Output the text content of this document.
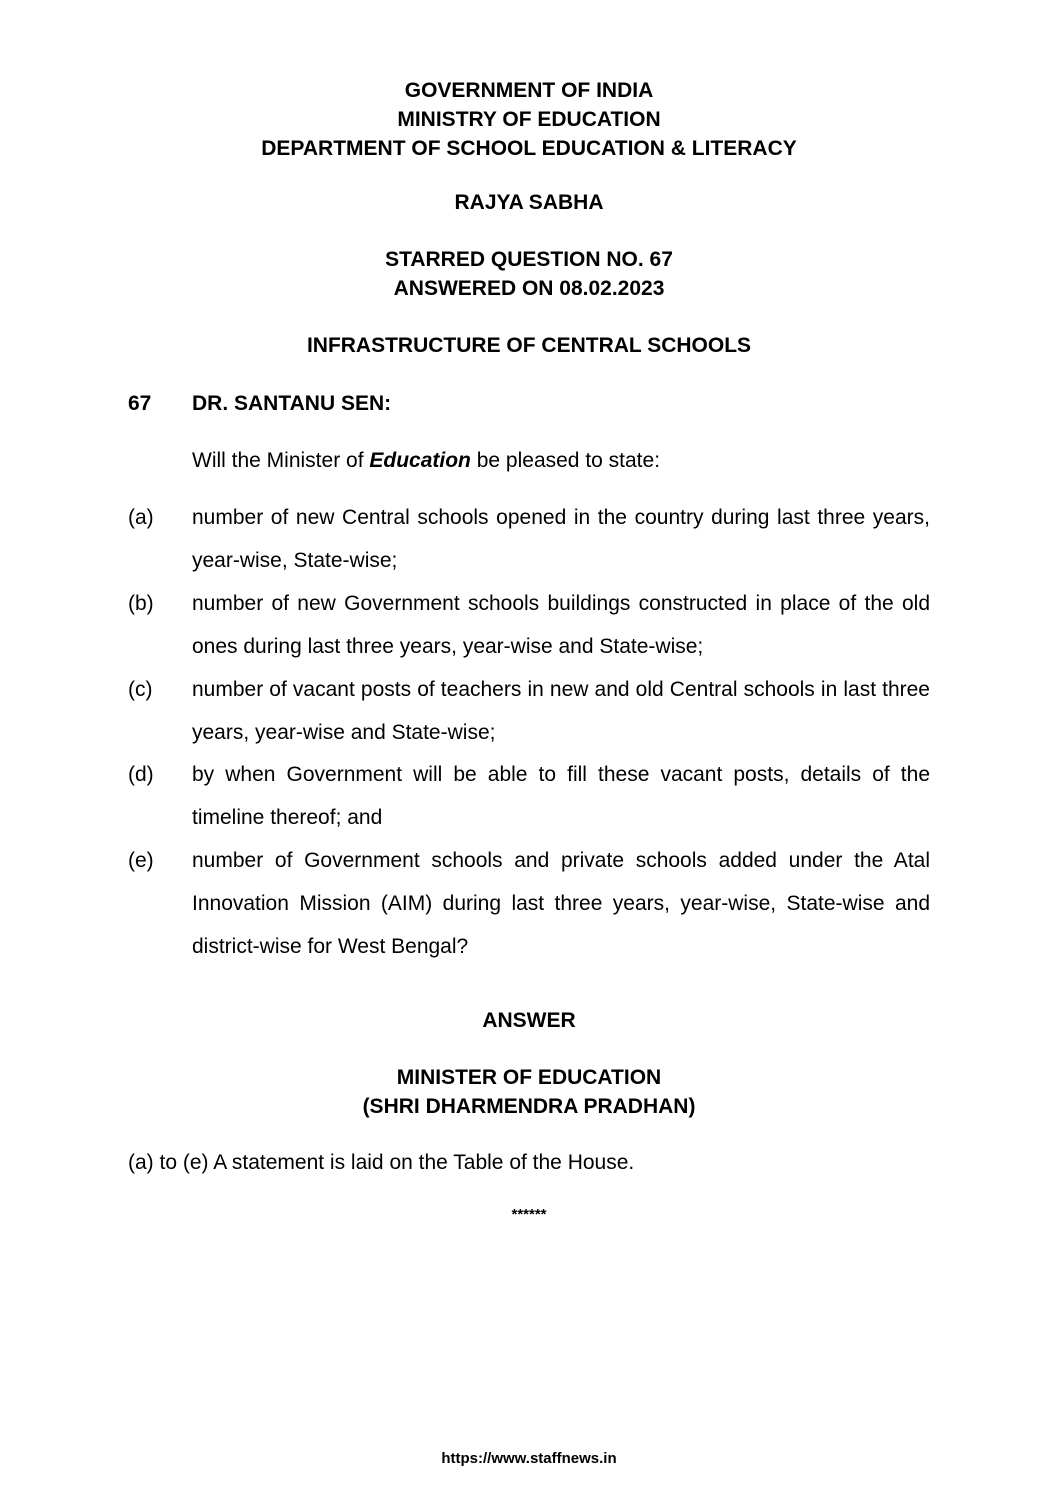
GOVERNMENT OF INDIA
MINISTRY OF EDUCATION
DEPARTMENT OF SCHOOL EDUCATION & LITERACY
RAJYA SABHA
STARRED QUESTION NO. 67
ANSWERED ON 08.02.2023
INFRASTRUCTURE OF CENTRAL SCHOOLS
67 DR. SANTANU SEN:
Will the Minister of Education be pleased to state:
(a) number of new Central schools opened in the country during last three years, year-wise, State-wise;
(b) number of new Government schools buildings constructed in place of the old ones during last three years, year-wise and State-wise;
(c) number of vacant posts of teachers in new and old Central schools in last three years, year-wise and State-wise;
(d) by when Government will be able to fill these vacant posts, details of the timeline thereof; and
(e) number of Government schools and private schools added under the Atal Innovation Mission (AIM) during last three years, year-wise, State-wise and district-wise for West Bengal?
ANSWER
MINISTER OF EDUCATION
(SHRI DHARMENDRA PRADHAN)
(a) to (e) A statement is laid on the Table of the House.
******
https://www.staffnews.in
